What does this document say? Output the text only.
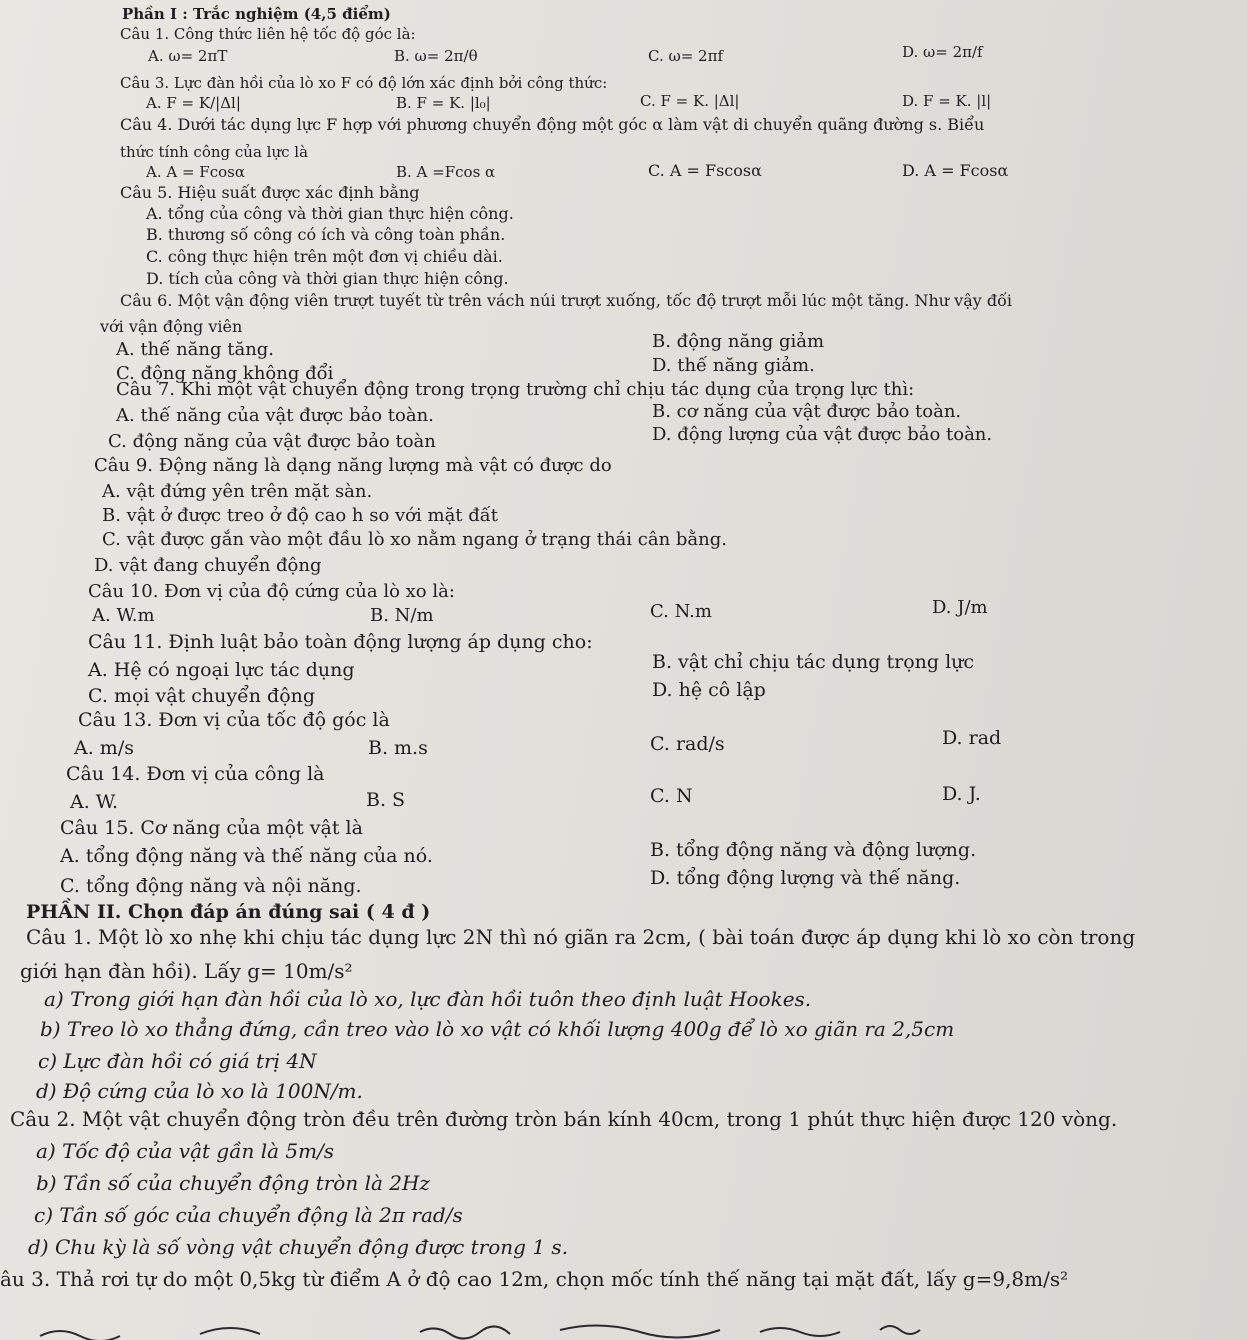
Phần I : Trắc nghiệm (4,5 điểm)
Câu 1. Công thức liên hệ tốc độ góc là:
A. ω= 2πT	B. ω= 2π/θ	C. ω= 2πf	D. ω= 2π/f
Câu 3. Lực đàn hồi của lò xo F có độ lớn xác định bởi công thức:
A. F = K/|Δl|	B. F = K. |l₀|	C. F = K. |Δl|	D. F = K. |l|
Câu 4. Dưới tác dụng lực F hợp với phương chuyển động một góc α làm vật di chuyển quãng đường s. Biểu
thức tính công của lực là
A. A = Fcosα	B. A =Fcos α	C. A = Fscosα	D. A = Fcosα
Câu 5. Hiệu suất được xác định bằng
A. tổng của công và thời gian thực hiện công.
B. thương số công có ích và công toàn phần.
C. công thực hiện trên một đơn vị chiều dài.
D. tích của công và thời gian thực hiện công.
Câu 6. Một vận động viên trượt tuyết từ trên vách núi trượt xuống, tốc độ trượt mỗi lúc một tăng. Như vậy đối
với vận động viên
A. thế năng tăng.	B. động năng giảm
C. động năng không đổi	D. thế năng giảm.
Câu 7. Khi một vật chuyển động trong trọng trường chỉ chịu tác dụng của trọng lực thì:
A. thế năng của vật được bảo toàn.	B. cơ năng của vật được bảo toàn.
C. động năng của vật được bảo toàn	D. động lượng của vật được bảo toàn.
Câu 9. Động năng là dạng năng lượng mà vật có được do
A. vật đứng yên trên mặt sàn.
B. vật ở được treo ở độ cao h so với mặt đất
C. vật được gắn vào một đầu lò xo nằm ngang ở trạng thái cân bằng.
D. vật đang chuyển động
Câu 10. Đơn vị của độ cứng của lò xo là:
A. W.m	B. N/m	C. N.m	D. J/m
Câu 11. Định luật bảo toàn động lượng áp dụng cho:
A. Hệ có ngoại lực tác dụng	B. vật chỉ chịu tác dụng trọng lực
C. mọi vật chuyển động	D. hệ cô lập
Câu 13. Đơn vị của tốc độ góc là
A. m/s	B. m.s	C. rad/s	D. rad
Câu 14. Đơn vị của công là
A. W.	B. S	C. N	D. J.
Câu 15. Cơ năng của một vật là
A. tổng động năng và thế năng của nó.	B. tổng động năng và động lượng.
C. tổng động năng và nội năng.	D. tổng động lượng và thế năng.
PHẦN II. Chọn đáp án đúng sai ( 4 đ )
Câu 1. Một lò xo nhẹ khi chịu tác dụng lực 2N thì nó giãn ra 2cm, ( bài toán được áp dụng khi lò xo còn trong
giới hạn đàn hồi). Lấy g= 10m/s²
a) Trong giới hạn đàn hồi của lò xo, lực đàn hồi tuôn theo định luật Hookes.
b) Treo lò xo thẳng đứng, cần treo vào lò xo vật có khối lượng 400g để lò xo giãn ra 2,5cm
c) Lực đàn hồi có giá trị 4N
d) Độ cứng của lò xo là 100N/m.
Câu 2. Một vật chuyển động tròn đều trên đường tròn bán kính 40cm, trong 1 phút thực hiện được 120 vòng.
a) Tốc độ của vật gần là 5m/s
b) Tần số của chuyển động tròn là 2Hz
c) Tần số góc của chuyển động là 2π rad/s
d) Chu kỳ là số vòng vật chuyển động được trong 1 s.
âu 3. Thả rơi tự do một 0,5kg từ điểm A ở độ cao 12m, chọn mốc tính thế năng tại mặt đất, lấy g=9,8m/s²
